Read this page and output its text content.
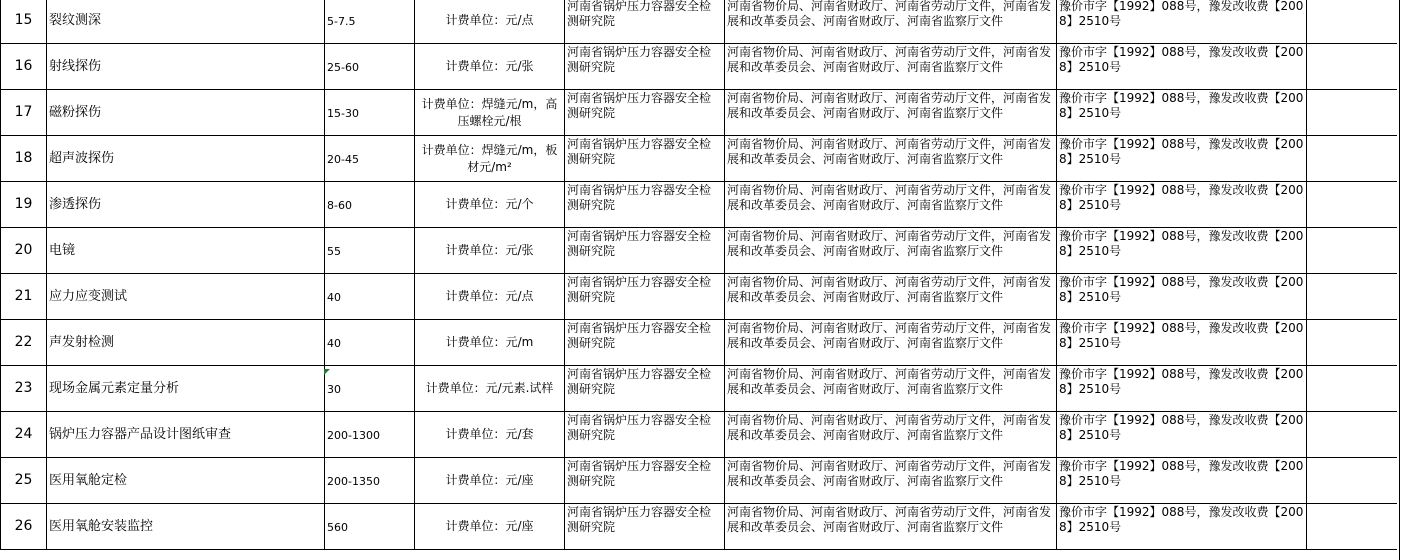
15	裂纹测深	5-7.5	计费单位：元/点	河南省锅炉压力容器安全检测研究院	河南省物价局、河南省财政厅、河南省劳动厅文件，河南省发展和改革委员会、河南省财政厅、河南省监察厅文件	豫价市字【1992】088号，豫发改收费【2008】2510号	
16	射线探伤	25-60	计费单位：元/张	河南省锅炉压力容器安全检测研究院	河南省物价局、河南省财政厅、河南省劳动厅文件，河南省发展和改革委员会、河南省财政厅、河南省监察厅文件	豫价市字【1992】088号，豫发改收费【2008】2510号	
17	磁粉探伤	15-30	计费单位：焊缝元/m，高压螺栓元/根	河南省锅炉压力容器安全检测研究院	河南省物价局、河南省财政厅、河南省劳动厅文件，河南省发展和改革委员会、河南省财政厅、河南省监察厅文件	豫价市字【1992】088号，豫发改收费【2008】2510号	
18	超声波探伤	20-45	计费单位：焊缝元/m，板材元/m²	河南省锅炉压力容器安全检测研究院	河南省物价局、河南省财政厅、河南省劳动厅文件，河南省发展和改革委员会、河南省财政厅、河南省监察厅文件	豫价市字【1992】088号，豫发改收费【2008】2510号	
19	渗透探伤	8-60	计费单位：元/个	河南省锅炉压力容器安全检测研究院	河南省物价局、河南省财政厅、河南省劳动厅文件，河南省发展和改革委员会、河南省财政厅、河南省监察厅文件	豫价市字【1992】088号，豫发改收费【2008】2510号	
20	电镜	55	计费单位：元/张	河南省锅炉压力容器安全检测研究院	河南省物价局、河南省财政厅、河南省劳动厅文件，河南省发展和改革委员会、河南省财政厅、河南省监察厅文件	豫价市字【1992】088号，豫发改收费【2008】2510号	
21	应力应变测试	40	计费单位：元/点	河南省锅炉压力容器安全检测研究院	河南省物价局、河南省财政厅、河南省劳动厅文件，河南省发展和改革委员会、河南省财政厅、河南省监察厅文件	豫价市字【1992】088号，豫发改收费【2008】2510号	
22	声发射检测	40	计费单位：元/m	河南省锅炉压力容器安全检测研究院	河南省物价局、河南省财政厅、河南省劳动厅文件，河南省发展和改革委员会、河南省财政厅、河南省监察厅文件	豫价市字【1992】088号，豫发改收费【2008】2510号	
23	现场金属元素定量分析	30	计费单位：元/元素.试样	河南省锅炉压力容器安全检测研究院	河南省物价局、河南省财政厅、河南省劳动厅文件，河南省发展和改革委员会、河南省财政厅、河南省监察厅文件	豫价市字【1992】088号，豫发改收费【2008】2510号	
24	锅炉压力容器产品设计图纸审查	200-1300	计费单位：元/套	河南省锅炉压力容器安全检测研究院	河南省物价局、河南省财政厅、河南省劳动厅文件，河南省发展和改革委员会、河南省财政厅、河南省监察厅文件	豫价市字【1992】088号，豫发改收费【2008】2510号	
25	医用氧舱定检	200-1350	计费单位：元/座	河南省锅炉压力容器安全检测研究院	河南省物价局、河南省财政厅、河南省劳动厅文件，河南省发展和改革委员会、河南省财政厅、河南省监察厅文件	豫价市字【1992】088号，豫发改收费【2008】2510号	
26	医用氧舱安装监控	560	计费单位：元/座	河南省锅炉压力容器安全检测研究院	河南省物价局、河南省财政厅、河南省劳动厅文件，河南省发展和改革委员会、河南省财政厅、河南省监察厅文件	豫价市字【1992】088号，豫发改收费【2008】2510号	
